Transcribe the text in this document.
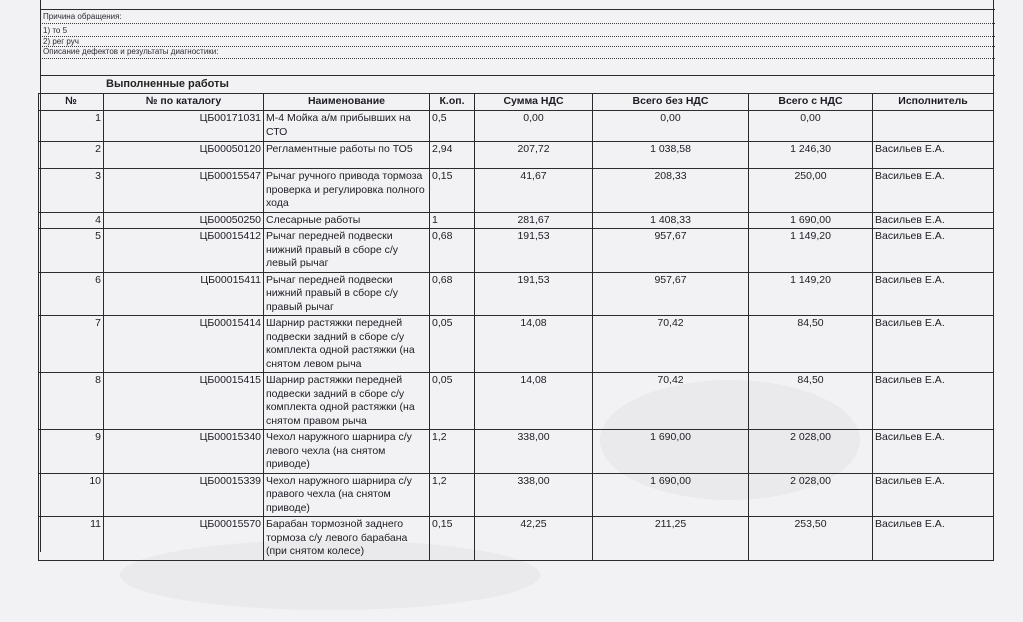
Причина обращения:
1) то 5
2) рег руч
Описание дефектов и результаты диагностики:
Выполненные работы
№	№ по каталогу	Наименование	К.оп.	Сумма НДС	Всего без НДС	Всего с НДС	Исполнитель
1	ЦБ00171031	М-4 Мойка а/м прибывших на СТО	0,5	0,00	0,00	0,00	
2	ЦБ00050120	Регламентные работы по ТО5	2,94	207,72	1 038,58	1 246,30	Васильев Е.А.
3	ЦБ00015547	Рычаг ручного привода тормоза проверка и регулировка полного хода	0,15	41,67	208,33	250,00	Васильев Е.А.
4	ЦБ00050250	Слесарные работы	1	281,67	1 408,33	1 690,00	Васильев Е.А.
5	ЦБ00015412	Рычаг передней подвески нижний правый в сборе с/у левый рычаг	0,68	191,53	957,67	1 149,20	Васильев Е.А.
6	ЦБ00015411	Рычаг передней подвески нижний правый в сборе с/у правый рычаг	0,68	191,53	957,67	1 149,20	Васильев Е.А.
7	ЦБ00015414	Шарнир растяжки передней подвески задний в сборе с/у комплекта одной растяжки (на снятом левом рыча	0,05	14,08	70,42	84,50	Васильев Е.А.
8	ЦБ00015415	Шарнир растяжки передней подвески задний в сборе с/у комплекта одной растяжки (на снятом правом рыча	0,05	14,08	70,42	84,50	Васильев Е.А.
9	ЦБ00015340	Чехол наружного шарнира с/у левого чехла (на снятом приводе)	1,2	338,00	1 690,00	2 028,00	Васильев Е.А.
10	ЦБ00015339	Чехол наружного шарнира с/у правого чехла (на снятом приводе)	1,2	338,00	1 690,00	2 028,00	Васильев Е.А.
11	ЦБ00015570	Барабан тормозной заднего тормоза с/у левого барабана (при снятом колесе)	0,15	42,25	211,25	253,50	Васильев Е.А.
